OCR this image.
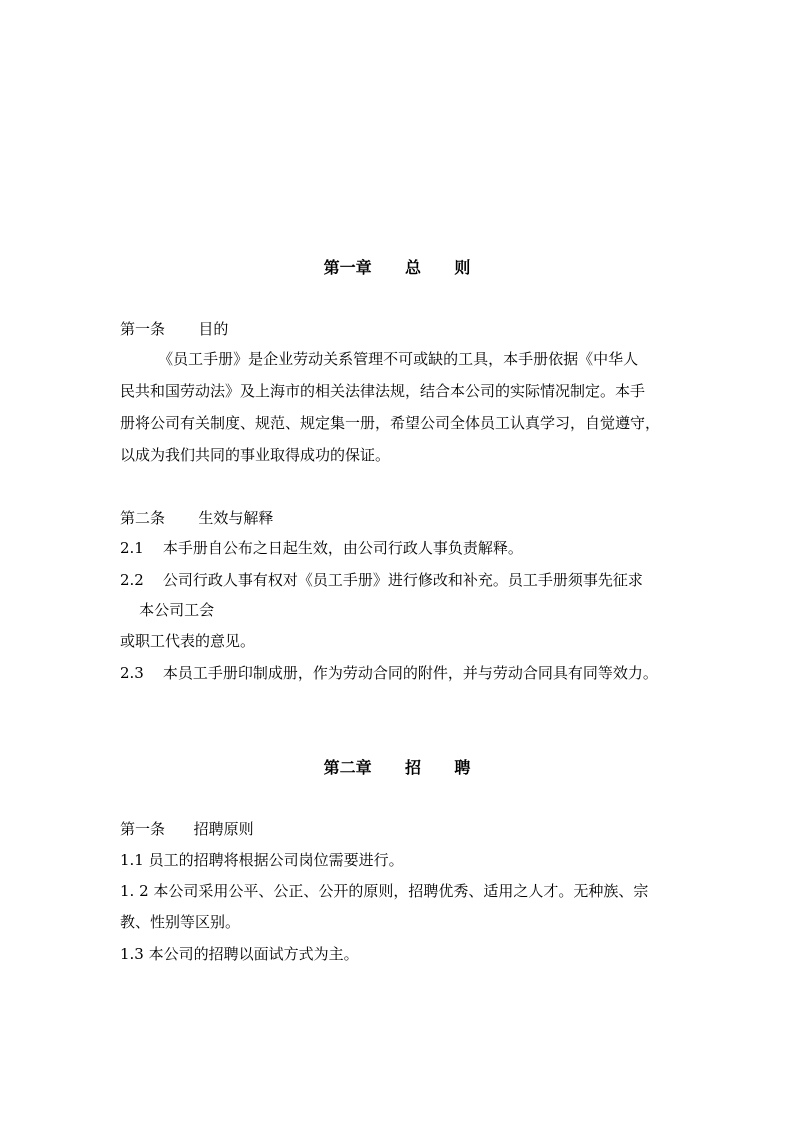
第一章      总      则
第一条       目的
《员工手册》是企业劳动关系管理不可或缺的工具，本手册依据《中华人
民共和国劳动法》及上海市的相关法律法规，结合本公司的实际情况制定。本手
册将公司有关制度、规范、规定集一册，希望公司全体员工认真学习，自觉遵守，
以成为我们共同的事业取得成功的保证。
第二条       生效与解释
2.1    本手册自公布之日起生效，由公司行政人事负责解释。
2.2    公司行政人事有权对《员工手册》进行修改和补充。员工手册须事先征求
本公司工会
或职工代表的意见。
2.3    本员工手册印制成册，作为劳动合同的附件，并与劳动合同具有同等效力。
第二章      招      聘
第一条      招聘原则
1.1 员工的招聘将根据公司岗位需要进行。
1. 2 本公司采用公平、公正、公开的原则，招聘优秀、适用之人才。无种族、宗
教、性别等区别。
1.3 本公司的招聘以面试方式为主。
